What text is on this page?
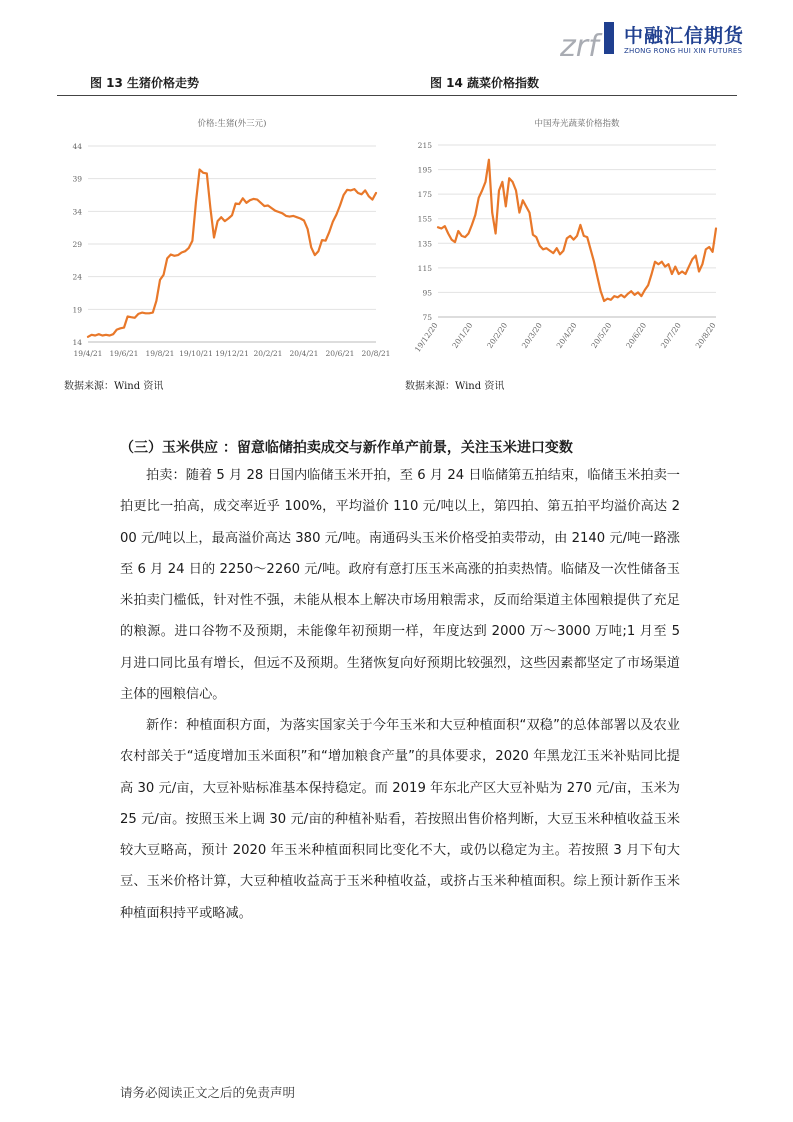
zrf 中融汇信期货
ZHONG RONG HUI XIN FUTURES
图 13 生猪价格走势	图 14 蔬菜价格指数
价格:生猪(外三元)
14
19
24
29
34
39
44
19/4/21 19/6/21 19/8/21 19/10/21 19/12/21 20/2/21 20/4/21 20/6/21 20/8/21
中国寿光蔬菜价格指数
75
95
115
135
155
175
195
215
19/12/20 20/1/20 20/2/20 20/3/20 20/4/20 20/5/20 20/6/20 20/7/20 20/8/20
数据来源：Wind 资讯	数据来源：Wind 资讯
（三）玉米供应 ：留意临储拍卖成交与新作单产前景，关注玉米进口变数

拍卖：随着 5 月 28 日国内临储玉米开拍，至 6 月 24 日临储第五拍结束，临储玉米拍卖一拍更比一拍高，成交率近乎 100%，平均溢价 110 元/吨以上，第四拍、第五拍平均溢价高达 200 元/吨以上，最高溢价高达 380 元/吨。南通码头玉米价格受拍卖带动，由 2140 元/吨一路涨至 6 月 24 日的 2250～2260 元/吨。政府有意打压玉米高涨的拍卖热情。临储及一次性储备玉米拍卖门槛低，针对性不强，未能从根本上解决市场用粮需求，反而给渠道主体囤粮提供了充足的粮源。进口谷物不及预期，未能像年初预期一样，年度达到 2000 万～3000 万吨;1 月至 5 月进口同比虽有增长，但远不及预期。生猪恢复向好预期比较强烈，这些因素都坚定了市场渠道主体的囤粮信心。

新作：种植面积方面，为落实国家关于今年玉米和大豆种植面积“双稳”的总体部署以及农业农村部关于“适度增加玉米面积”和“增加粮食产量”的具体要求，2020 年黑龙江玉米补贴同比提高 30 元/亩，大豆补贴标准基本保持稳定。而 2019 年东北产区大豆补贴为 270 元/亩，玉米为 25 元/亩。按照玉米上调 30 元/亩的种植补贴看，若按照出售价格判断，大豆玉米种植收益玉米较大豆略高，预计 2020 年玉米种植面积同比变化不大，或仍以稳定为主。若按照 3 月下旬大豆、玉米价格计算，大豆种植收益高于玉米种植收益，或挤占玉米种植面积。综上预计新作玉米种植面积持平或略减。

请务必阅读正文之后的免责声明
